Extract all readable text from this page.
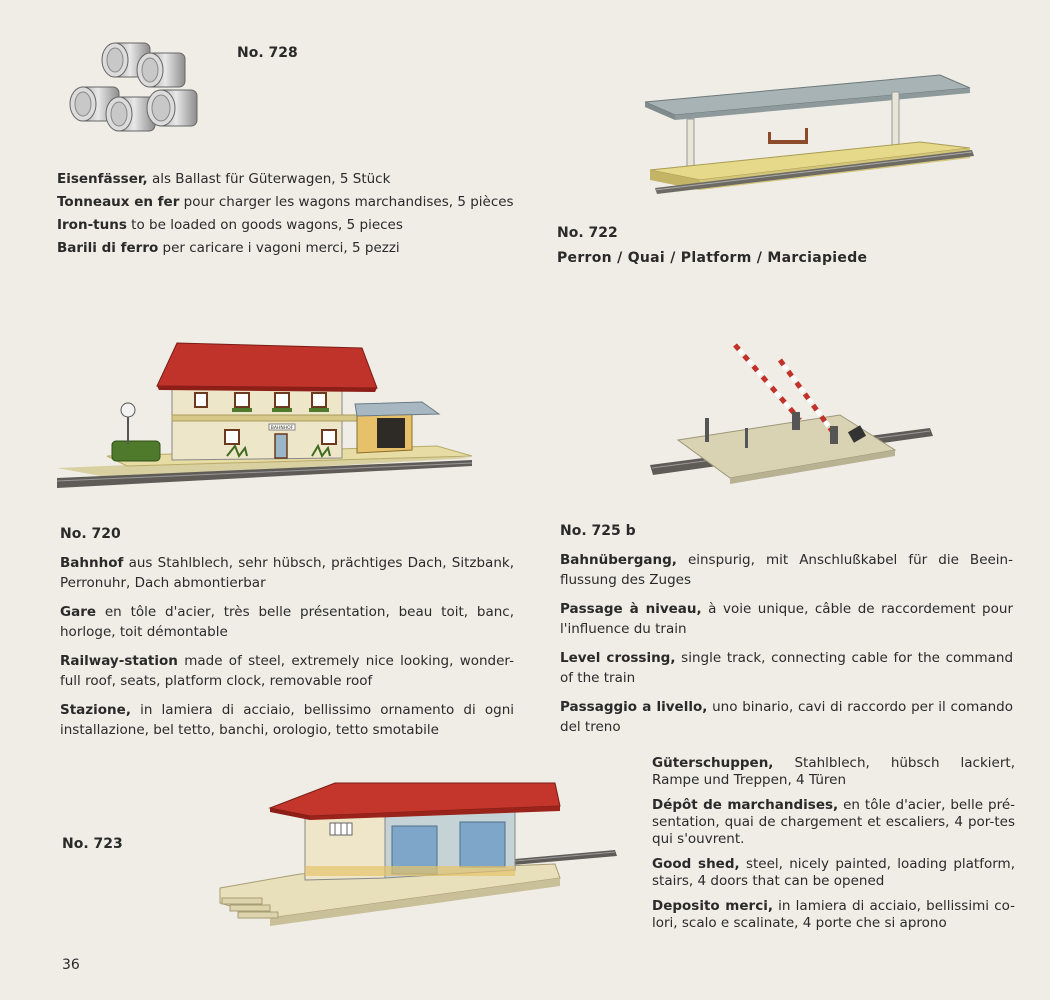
No. 728
Eisenfässer, als Ballast für Güterwagen, 5 Stück
Tonneaux en fer pour charger les wagons marchandises, 5 pièces
Iron-tuns to be loaded on goods wagons, 5 pieces
Barili di ferro per caricare i vagoni merci, 5 pezzi
No. 722
Perron / Quai / Platform / Marciapiede
BAHNHOF
No. 720

Bahnhof aus Stahlblech, sehr hübsch, prächtiges Dach, Sitzbank, Perronuhr, Dach abmontierbar

Gare en tôle d'acier, très belle présentation, beau toit, banc, horloge, toit démontable

Railway-station made of steel, extremely nice looking, wonder-full roof, seats, platform clock, removable roof

Stazione, in lamiera di acciaio, bellissimo ornamento di ogni installazione, bel tetto, banchi, orologio, tetto smotabile

No. 725 b

Bahnübergang, einspurig, mit Anschlußkabel für die Beein-flussung des Zuges

Passage à niveau, à voie unique, câble de raccordement pour l'influence du train

Level crossing, single track, connecting cable for the command of the train

Passaggio a livello, uno binario, cavi di raccordo per il comando del treno

No. 723

Güterschuppen, Stahlblech, hübsch lackiert, Rampe und Treppen, 4 Türen

Dépôt de marchandises, en tôle d'acier, belle pré-sentation, quai de chargement et escaliers, 4 por-tes qui s'ouvrent.

Good shed, steel, nicely painted, loading platform, stairs, 4 doors that can be opened

Deposito merci, in lamiera di acciaio, bellissimi co-lori, scalo e scalinate, 4 porte che si aprono

36
